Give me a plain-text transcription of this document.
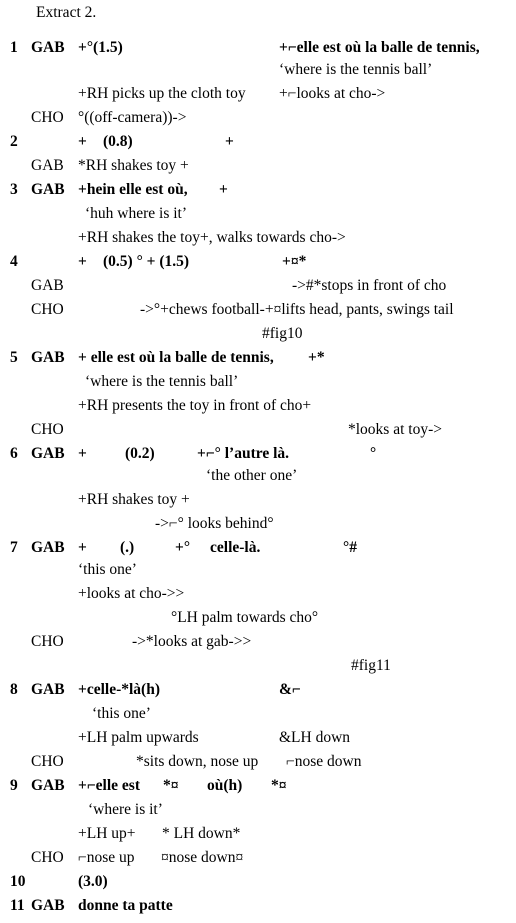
Extract 2.
1 GAB +°(1.5)	+⌐elle est où la balle de tennis,
‘where is the tennis ball’
+RH picks up the cloth toy +⌐looks at cho->
CHO °((off-camera))->
2	+ (0.8)	+
GAB *RH shakes toy +
3 GAB +hein elle est où, +
‘huh where is it’
+RH shakes the toy+, walks towards cho->
4	+ (0.5) ° + (1.5)	+¤*
GAB	->#*stops in front of cho
CHO	->°+chews football-+¤lifts head, pants, swings tail
#fig10
5 GAB + elle est où la balle de tennis, +*
‘where is the tennis ball’
+RH presents the toy in front of cho+
CHO	*looks at toy->
6 GAB + (0.2)	+⌐° l’autre là.	°
‘the other one’
+RH shakes toy +
->⌐° looks behind°
7 GAB + (.)	+° celle-là.	°#
‘this one’
+looks at cho->>
°LH palm towards cho°
CHO	->*looks at gab->>
#fig11
8 GAB +celle-*là(h)	&⌐
‘this one’
+LH palm upwards	&LH down
CHO	*sits down, nose up ⌐nose down
9 GAB +⌐elle est *¤ où(h) *¤
‘where is it’
+LH up+ * LH down*
CHO ⌐nose up ¤nose down¤
10	(3.0)
11 GAB donne ta patte
